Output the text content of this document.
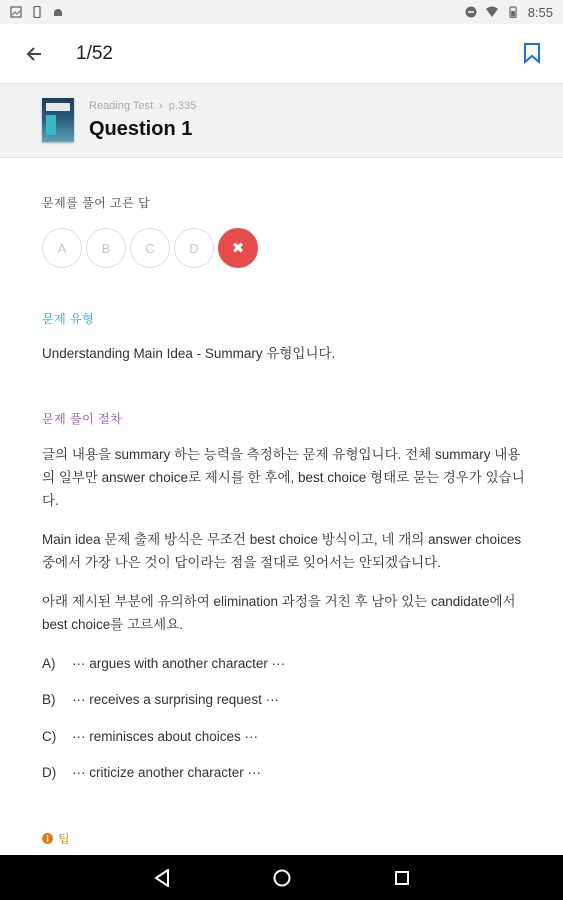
8:55
1/52
Reading Test › p.335
Question 1
문제를 풀어 고른 답
A	B	C	D	✖
문제 유형
Understanding Main Idea - Summary 유형입니다.
문제 풀이 절차
글의 내용을 summary 하는 능력을 측정하는 문제 유형입니다. 전체 summary 내용의 일부만 answer choice로 제시를 한 후에, best choice 형태로 묻는 경우가 있습니다.
Main idea 문제 출제 방식은 무조건 best choice 방식이고, 네 개의 answer choices 중에서 가장 나은 것이 답이라는 점을 절대로 잊어서는 안되겠습니다.
아래 제시된 부분에 유의하여 elimination 과정을 거친 후 남아 있는 candidate에서 best choice를 고르세요.
A)	··· argues with another character ···
B)	··· receives a surprising request ···
C) ··· reminisces about choices ···
D) ··· criticize another character ···
팁
